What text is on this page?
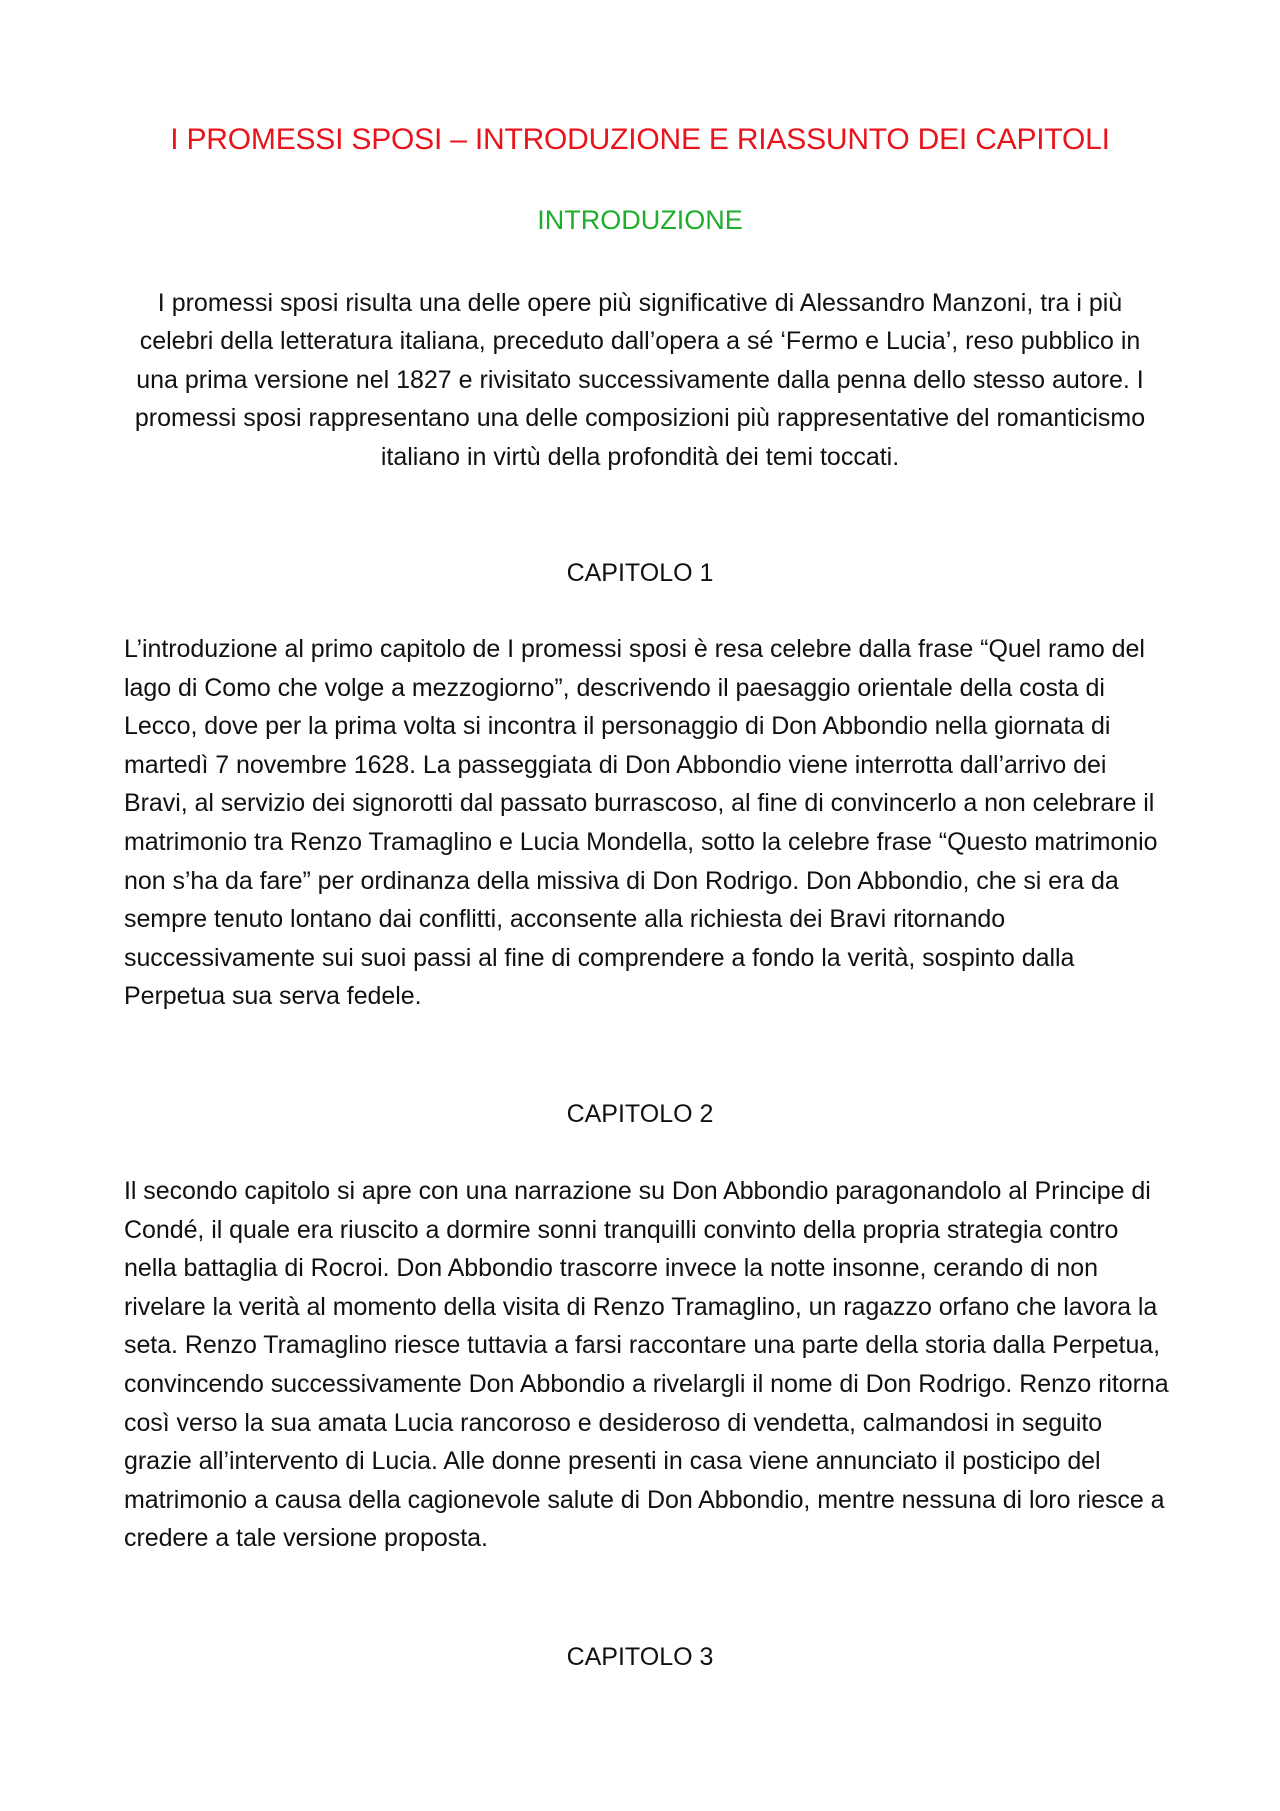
I PROMESSI SPOSI – INTRODUZIONE E RIASSUNTO DEI CAPITOLI
INTRODUZIONE

I promessi sposi risulta una delle opere più significative di Alessandro Manzoni, tra i più celebri della letteratura italiana, preceduto dall’opera a sé ‘Fermo e Lucia’, reso pubblico in una prima versione nel 1827 e rivisitato successivamente dalla penna dello stesso autore. I promessi sposi rappresentano una delle composizioni più rappresentative del romanticismo italiano in virtù della profondità dei temi toccati.

CAPITOLO 1

L’introduzione al primo capitolo de I promessi sposi è resa celebre dalla frase “Quel ramo del lago di Como che volge a mezzogiorno”, descrivendo il paesaggio orientale della costa di Lecco, dove per la prima volta si incontra il personaggio di Don Abbondio nella giornata di martedì 7 novembre 1628. La passeggiata di Don Abbondio viene interrotta dall’arrivo dei Bravi, al servizio dei signorotti dal passato burrascoso, al fine di convincerlo a non celebrare il matrimonio tra Renzo Tramaglino e Lucia Mondella, sotto la celebre frase “Questo matrimonio non s’ha da fare” per ordinanza della missiva di Don Rodrigo. Don Abbondio, che si era da sempre tenuto lontano dai conflitti, acconsente alla richiesta dei Bravi ritornando successivamente sui suoi passi al fine di comprendere a fondo la verità, sospinto dalla Perpetua sua serva fedele.

CAPITOLO 2

Il secondo capitolo si apre con una narrazione su Don Abbondio paragonandolo al Principe di Condé, il quale era riuscito a dormire sonni tranquilli convinto della propria strategia contro nella battaglia di Rocroi. Don Abbondio trascorre invece la notte insonne, cerando di non rivelare la verità al momento della visita di Renzo Tramaglino, un ragazzo orfano che lavora la seta. Renzo Tramaglino riesce tuttavia a farsi raccontare una parte della storia dalla Perpetua, convincendo successivamente Don Abbondio a rivelargli il nome di Don Rodrigo. Renzo ritorna così verso la sua amata Lucia rancoroso e desideroso di vendetta, calmandosi in seguito grazie all’intervento di Lucia. Alle donne presenti in casa viene annunciato il posticipo del matrimonio a causa della cagionevole salute di Don Abbondio, mentre nessuna di loro riesce a credere a tale versione proposta.

CAPITOLO 3
